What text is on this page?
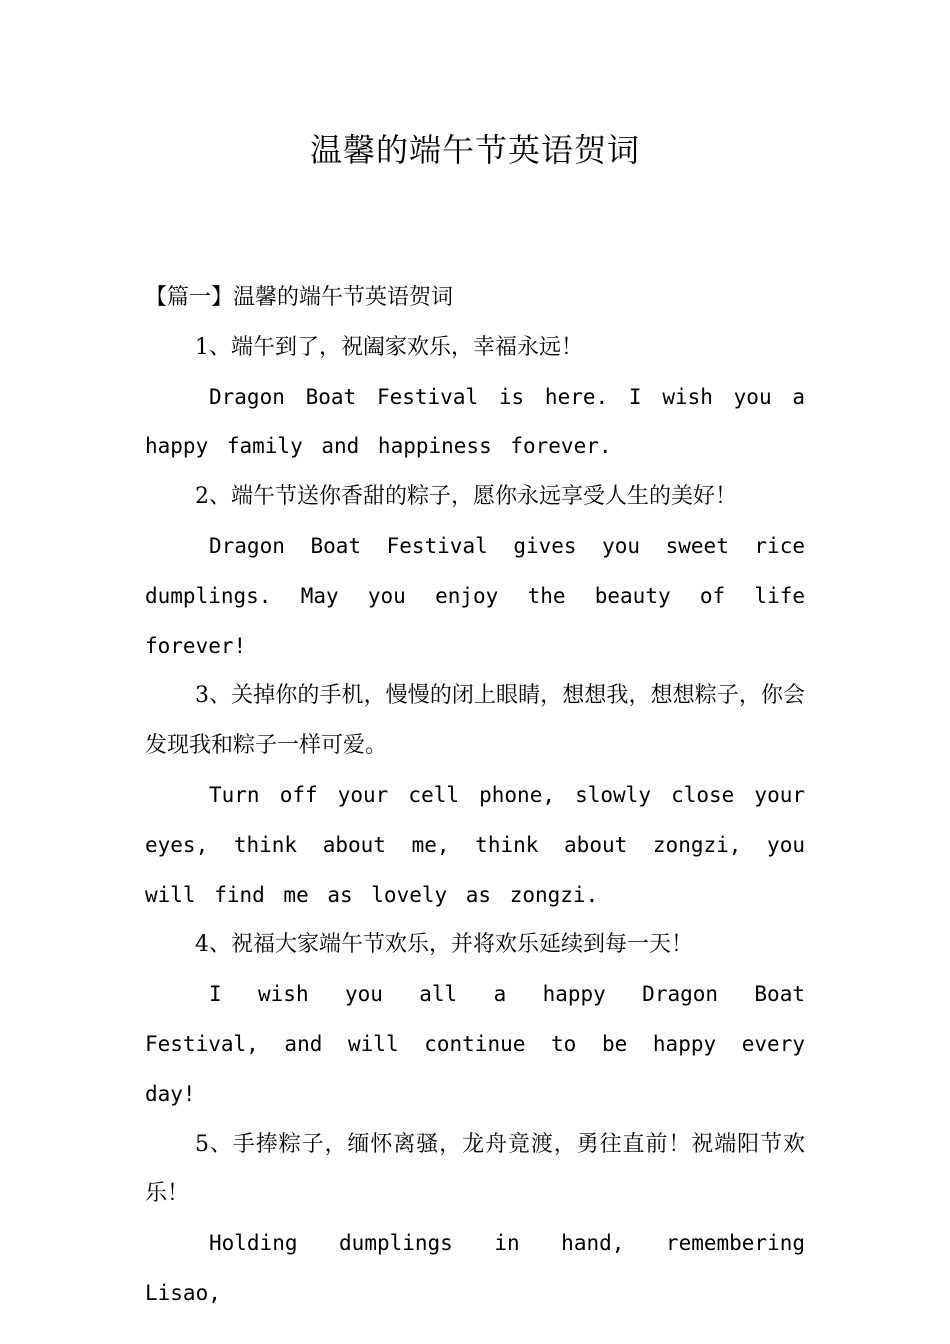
温馨的端午节英语贺词

【篇一】温馨的端午节英语贺词

1、端午到了，祝阖家欢乐，幸福永远！

Dragon Boat Festival is here. I wish you a happy family and happiness forever.

2、端午节送你香甜的粽子，愿你永远享受人生的美好！

Dragon Boat Festival gives you sweet rice dumplings. May you enjoy the beauty of life forever!

3、关掉你的手机，慢慢的闭上眼睛，想想我，想想粽子，你会发现我和粽子一样可爱。

Turn off your cell phone, slowly close your eyes, think about me, think about zongzi, you will find me as lovely as zongzi.

4、祝福大家端午节欢乐，并将欢乐延续到每一天！

I wish you all a happy Dragon Boat Festival, and will continue to be happy every day!

5、手捧粽子，缅怀离骚，龙舟竟渡，勇往直前！祝端阳节欢乐！

Holding dumplings in hand, remembering Lisao,
